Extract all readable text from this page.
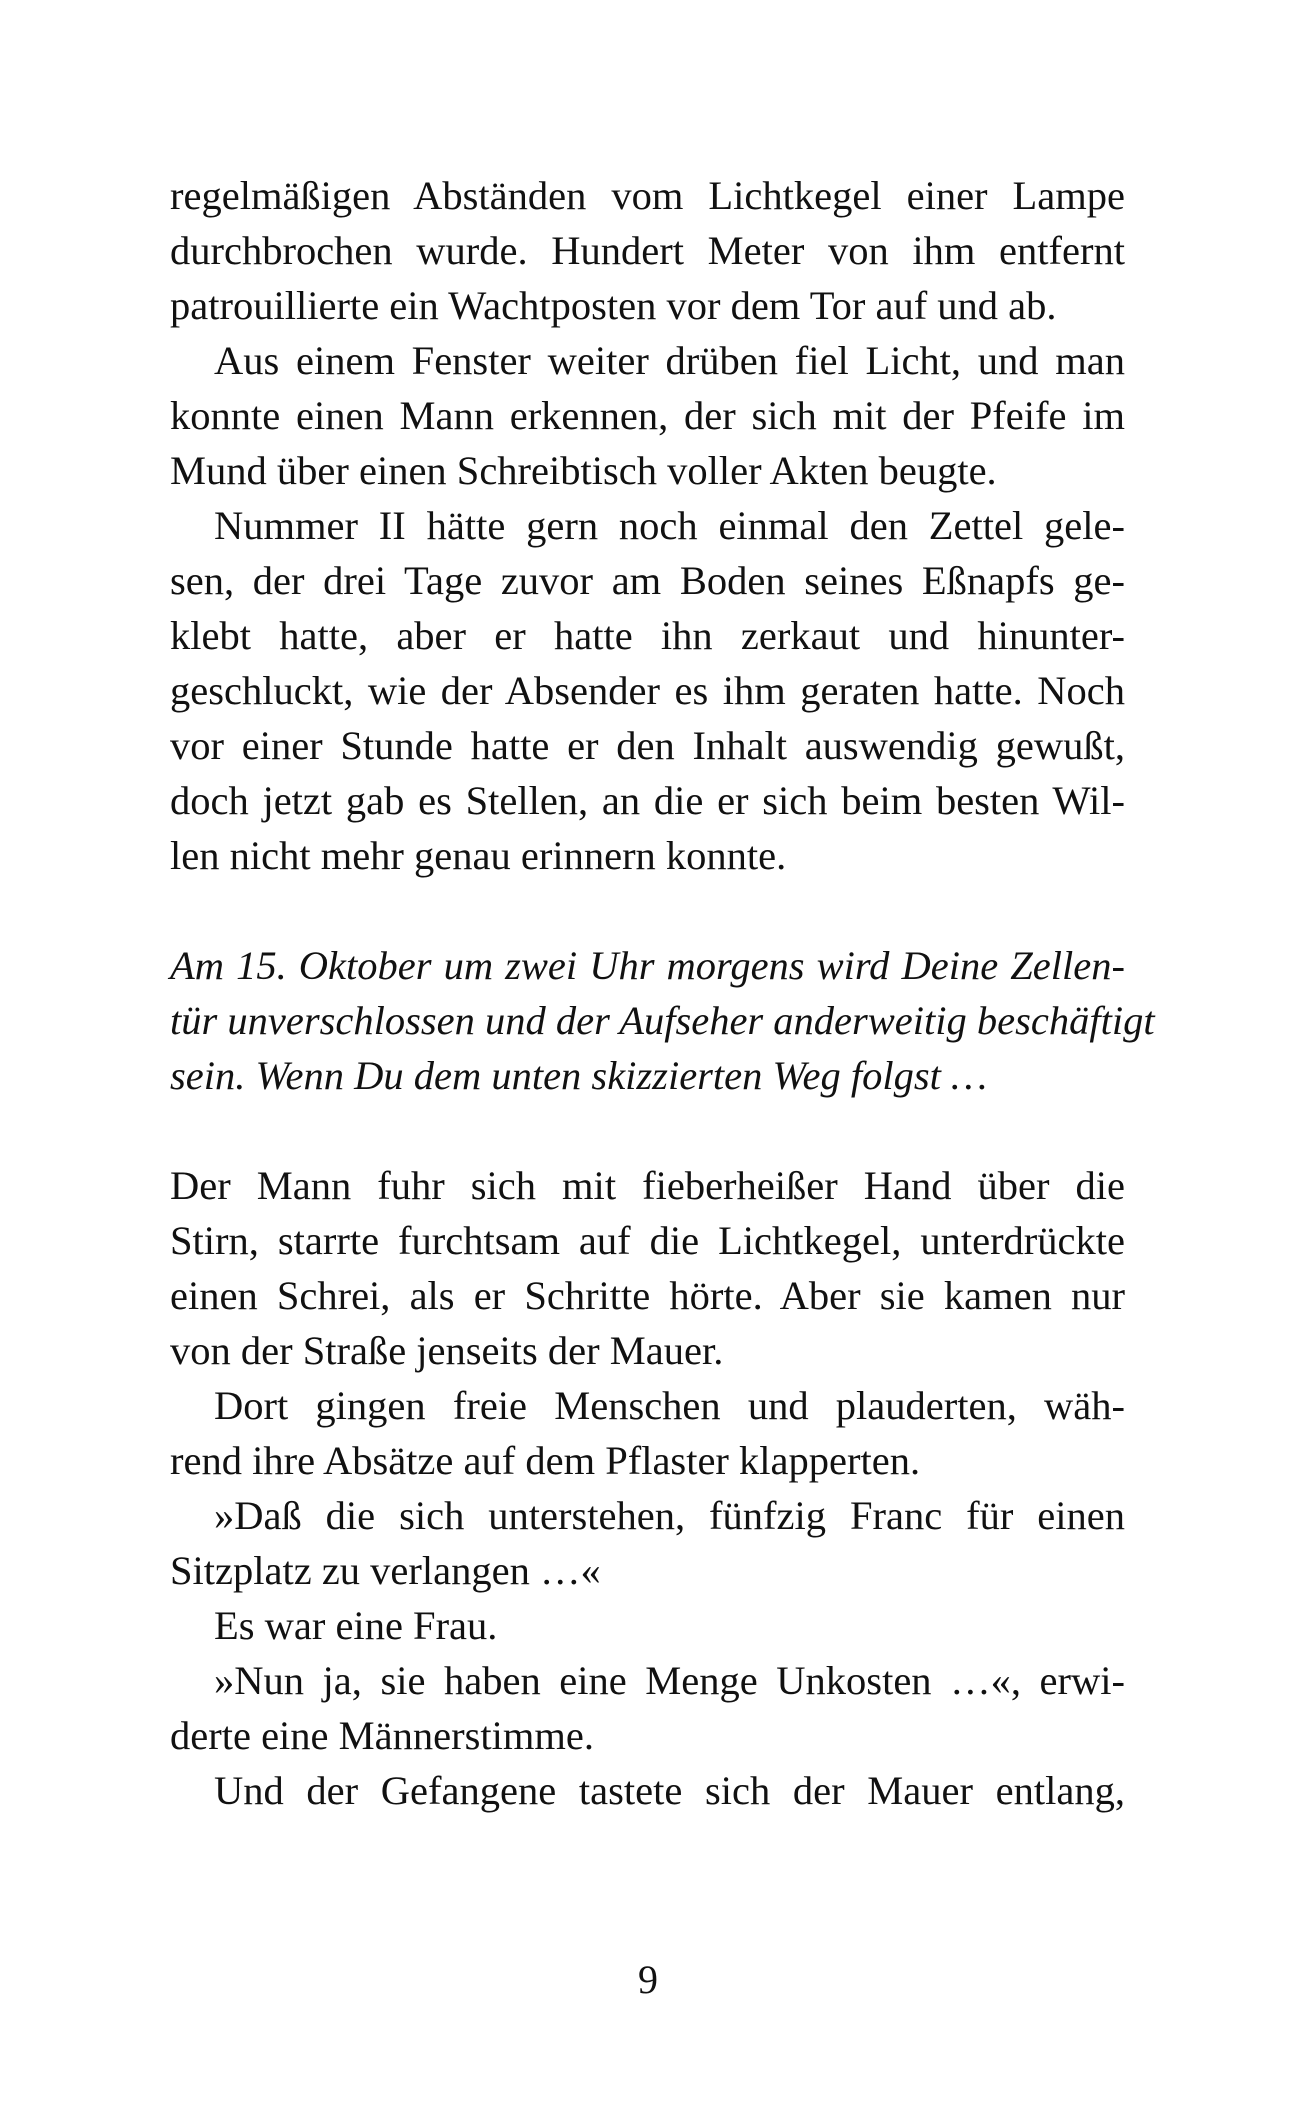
regelmäßigen Abständen vom Lichtkegel einer Lampe
durchbrochen wurde. Hundert Meter von ihm entfernt
patrouillierte ein Wachtposten vor dem Tor auf und ab.

Aus einem Fenster weiter drüben fiel Licht, und man
konnte einen Mann erkennen, der sich mit der Pfeife im
Mund über einen Schreibtisch voller Akten beugte.

Nummer II hätte gern noch einmal den Zettel gele-
sen, der drei Tage zuvor am Boden seines Eßnapfs ge-
klebt hatte, aber er hatte ihn zerkaut und hinunter-
geschluckt, wie der Absender es ihm geraten hatte. Noch
vor einer Stunde hatte er den Inhalt auswendig gewußt,
doch jetzt gab es Stellen, an die er sich beim besten Wil-
len nicht mehr genau erinnern konnte.

Am 15. Oktober um zwei Uhr morgens wird Deine Zellen-
tür unverschlossen und der Aufseher anderweitig beschäftigt
sein. Wenn Du dem unten skizzierten Weg folgst …

Der Mann fuhr sich mit fieberheißer Hand über die
Stirn, starrte furchtsam auf die Lichtkegel, unterdrückte
einen Schrei, als er Schritte hörte. Aber sie kamen nur
von der Straße jenseits der Mauer.

Dort gingen freie Menschen und plauderten, wäh-
rend ihre Absätze auf dem Pflaster klapperten.

»Daß die sich unterstehen, fünfzig Franc für einen
Sitzplatz zu verlangen …«

Es war eine Frau.

»Nun ja, sie haben eine Menge Unkosten …«, erwi-
derte eine Männerstimme.

Und der Gefangene tastete sich der Mauer entlang,

9
